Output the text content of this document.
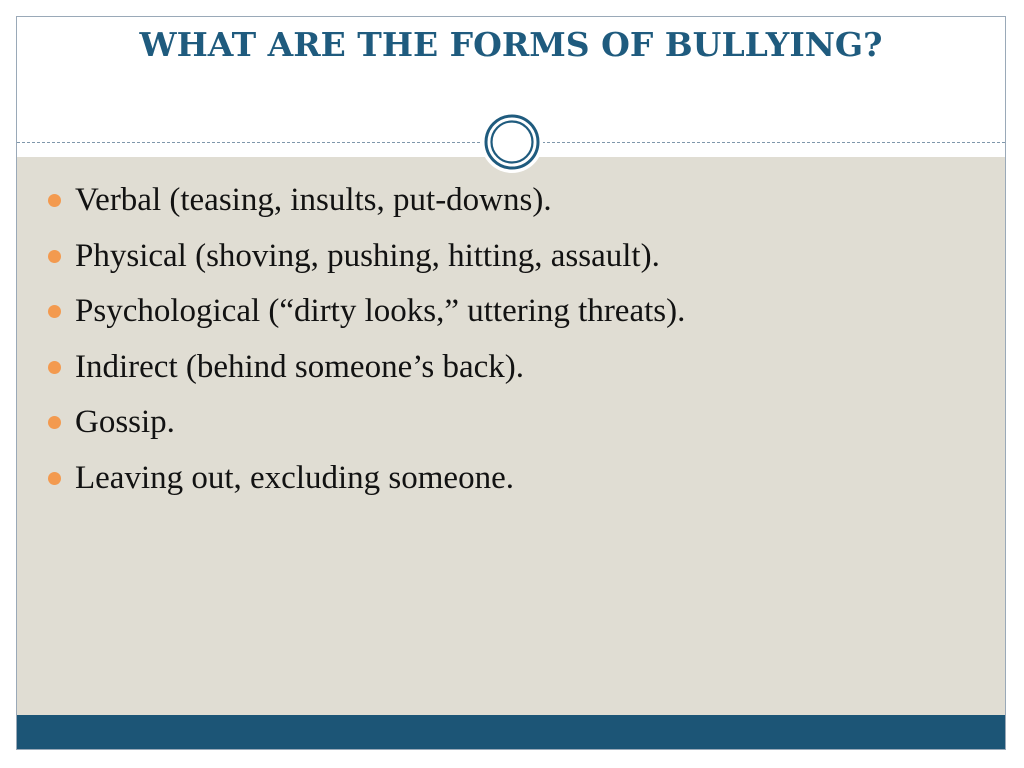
WHAT ARE THE FORMS OF BULLYING?
Verbal (teasing, insults, put-downs).
Physical (shoving, pushing, hitting, assault).
Psychological (“dirty looks,” uttering threats).
Indirect (behind someone’s back).
Gossip.
Leaving out, excluding someone.
